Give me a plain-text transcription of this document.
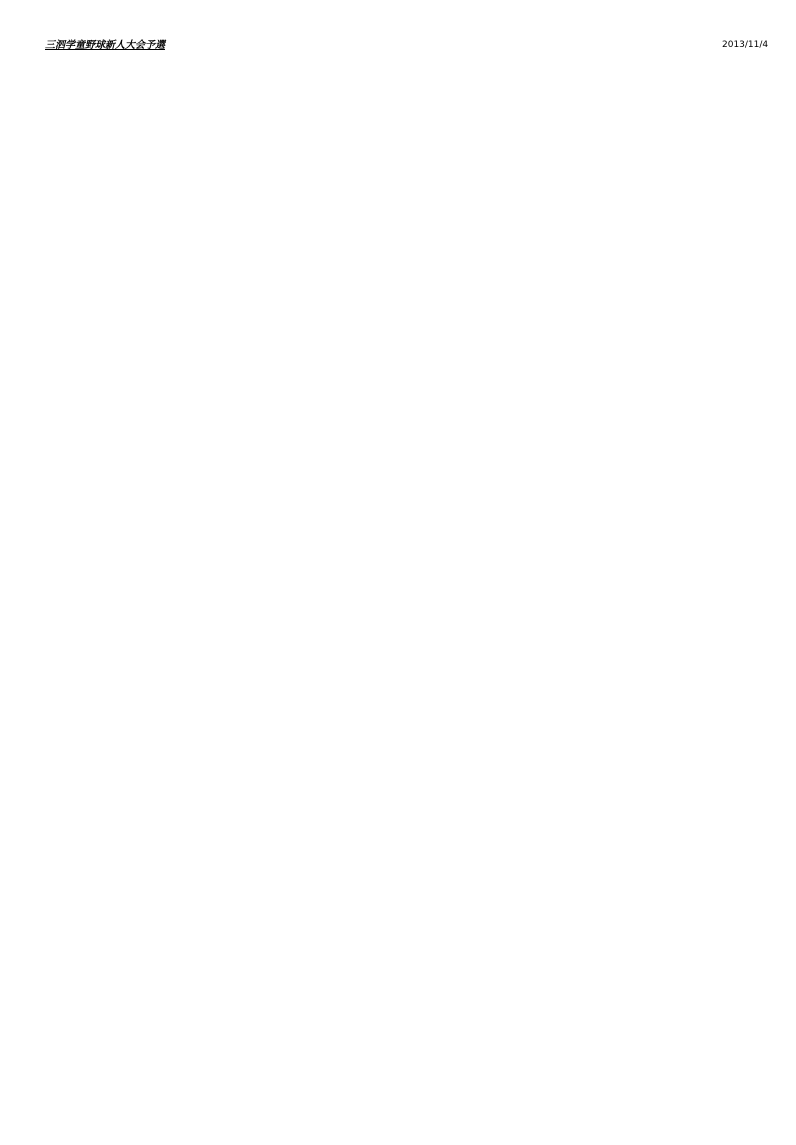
三泗学童野球新人大会予選	2013/11/4
